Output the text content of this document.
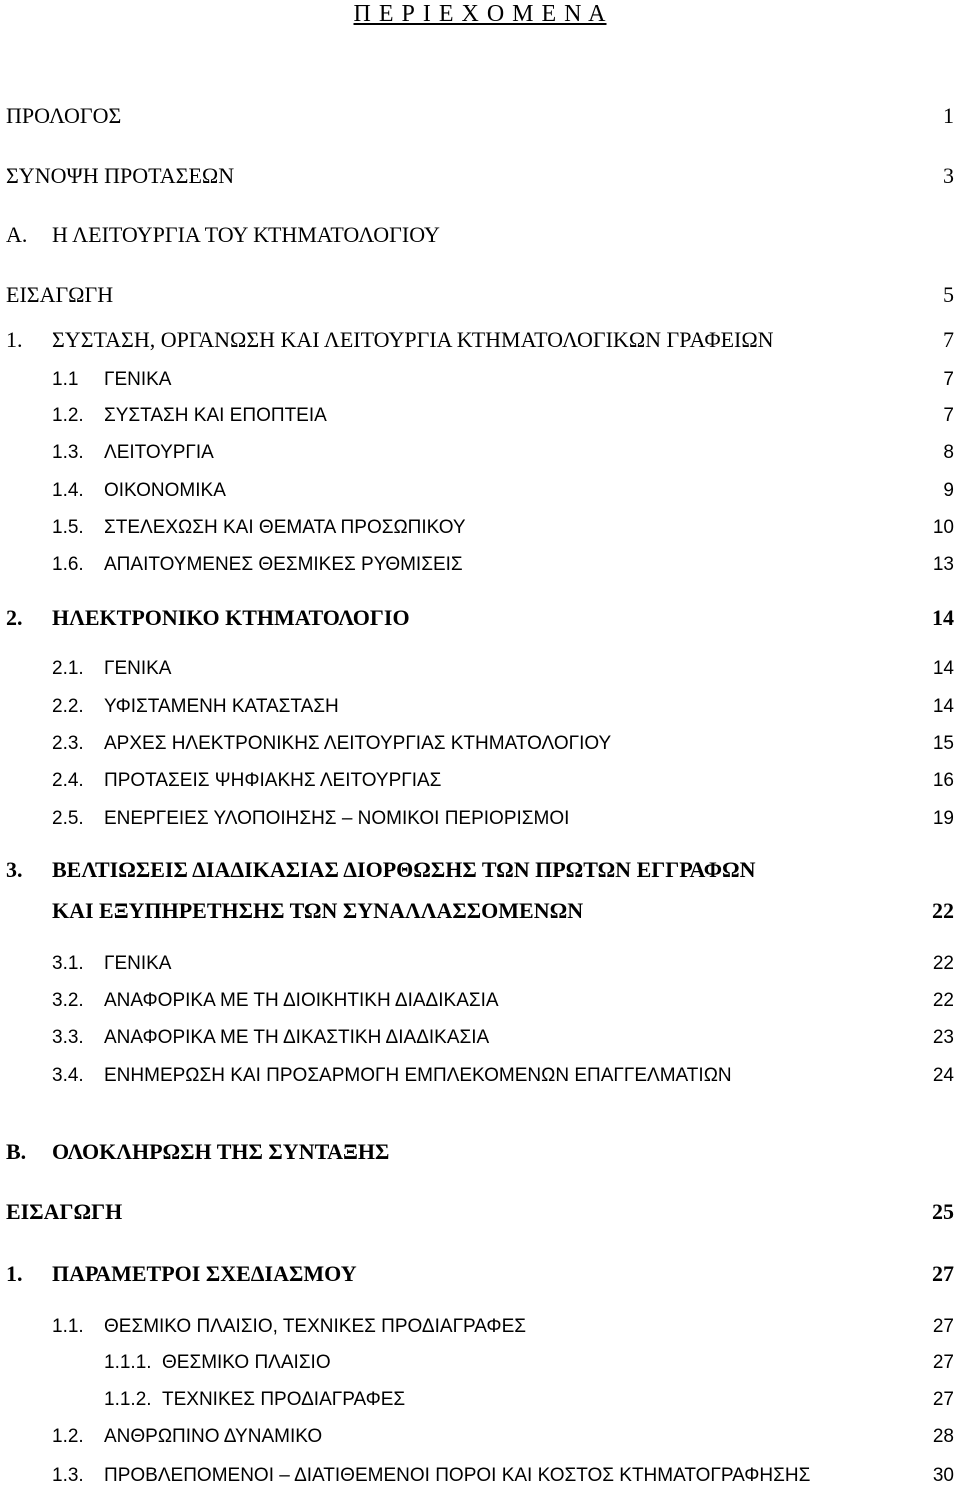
Π Ε Ρ Ι Ε Χ Ο Μ Ε Ν Α
ΠΡΟΛΟΓΟΣ	1
ΣΥΝΟΨΗ ΠΡΟΤΑΣΕΩΝ	3
Α. Η ΛΕΙΤΟΥΡΓΙΑ ΤΟΥ ΚΤΗΜΑΤΟΛΟΓΙΟΥ
ΕΙΣΑΓΩΓΗ	5
1. ΣΥΣΤΑΣΗ, ΟΡΓΑΝΩΣΗ ΚΑΙ ΛΕΙΤΟΥΡΓΙΑ ΚΤΗΜΑΤΟΛΟΓΙΚΩΝ ΓΡΑΦΕΙΩΝ	7
1.1 ΓΕΝΙΚΑ	7
1.2. ΣΥΣΤΑΣΗ ΚΑΙ ΕΠΟΠΤΕΙΑ	7
1.3. ΛΕΙΤΟΥΡΓΙΑ	8
1.4. ΟΙΚΟΝΟΜΙΚΑ	9
1.5. ΣΤΕΛΕΧΩΣΗ ΚΑΙ ΘΕΜΑΤΑ ΠΡΟΣΩΠΙΚΟΥ	10
1.6. ΑΠΑΙΤΟΥΜΕΝΕΣ ΘΕΣΜΙΚΕΣ ΡΥΘΜΙΣΕΙΣ	13
2. ΗΛΕΚΤΡΟΝΙΚΟ ΚΤΗΜΑΤΟΛΟΓΙΟ	14
2.1. ΓΕΝΙΚΑ	14
2.2. ΥΦΙΣΤΑΜΕΝΗ ΚΑΤΑΣΤΑΣΗ	14
2.3. ΑΡΧΕΣ ΗΛΕΚΤΡΟΝΙΚΗΣ ΛΕΙΤΟΥΡΓΙΑΣ ΚΤΗΜΑΤΟΛΟΓΙΟΥ	15
2.4. ΠΡΟΤΑΣΕΙΣ ΨΗΦΙΑΚΗΣ ΛΕΙΤΟΥΡΓΙΑΣ	16
2.5. ΕΝΕΡΓΕΙΕΣ ΥΛΟΠΟΙΗΣΗΣ – ΝΟΜΙΚΟΙ ΠΕΡΙΟΡΙΣΜΟΙ	19
3. ΒΕΛΤΙΩΣΕΙΣ ΔΙΑΔΙΚΑΣΙΑΣ ΔΙΟΡΘΩΣΗΣ ΤΩΝ ΠΡΩΤΩΝ ΕΓΓΡΑΦΩΝ
ΚΑΙ ΕΞΥΠΗΡΕΤΗΣΗΣ ΤΩΝ ΣΥΝΑΛΛΑΣΣΟΜΕΝΩΝ	22
3.1. ΓΕΝΙΚΑ	22
3.2. ΑΝΑΦΟΡΙΚΑ ΜΕ ΤΗ ΔΙΟΙΚΗΤΙΚΗ ΔΙΑΔΙΚΑΣΙΑ	22
3.3. ΑΝΑΦΟΡΙΚΑ ΜΕ ΤΗ ΔΙΚΑΣΤΙΚΗ ΔΙΑΔΙΚΑΣΙΑ	23
3.4. ΕΝΗΜΕΡΩΣΗ ΚΑΙ ΠΡΟΣΑΡΜΟΓΗ ΕΜΠΛΕΚΟΜΕΝΩΝ ΕΠΑΓΓΕΛΜΑΤΙΩΝ	24
Β. ΟΛΟΚΛΗΡΩΣΗ ΤΗΣ ΣΥΝΤΑΞΗΣ
ΕΙΣΑΓΩΓΗ	25
1. ΠΑΡΑΜΕΤΡΟΙ ΣΧΕΔΙΑΣΜΟΥ	27
1.1. ΘΕΣΜΙΚΟ ΠΛΑΙΣΙΟ, ΤΕΧΝΙΚΕΣ ΠΡΟΔΙΑΓΡΑΦΕΣ	27
1.1.1. ΘΕΣΜΙΚΟ ΠΛΑΙΣΙΟ	27
1.1.2. ΤΕΧΝΙΚΕΣ ΠΡΟΔΙΑΓΡΑΦΕΣ	27
1.2. ΑΝΘΡΩΠΙΝΟ ΔΥΝΑΜΙΚΟ	28
1.3. ΠΡΟΒΛΕΠΟΜΕΝΟΙ – ΔΙΑΤΙΘΕΜΕΝΟΙ ΠΟΡΟΙ ΚΑΙ ΚΟΣΤΟΣ ΚΤΗΜΑΤΟΓΡΑΦΗΣΗΣ	30
